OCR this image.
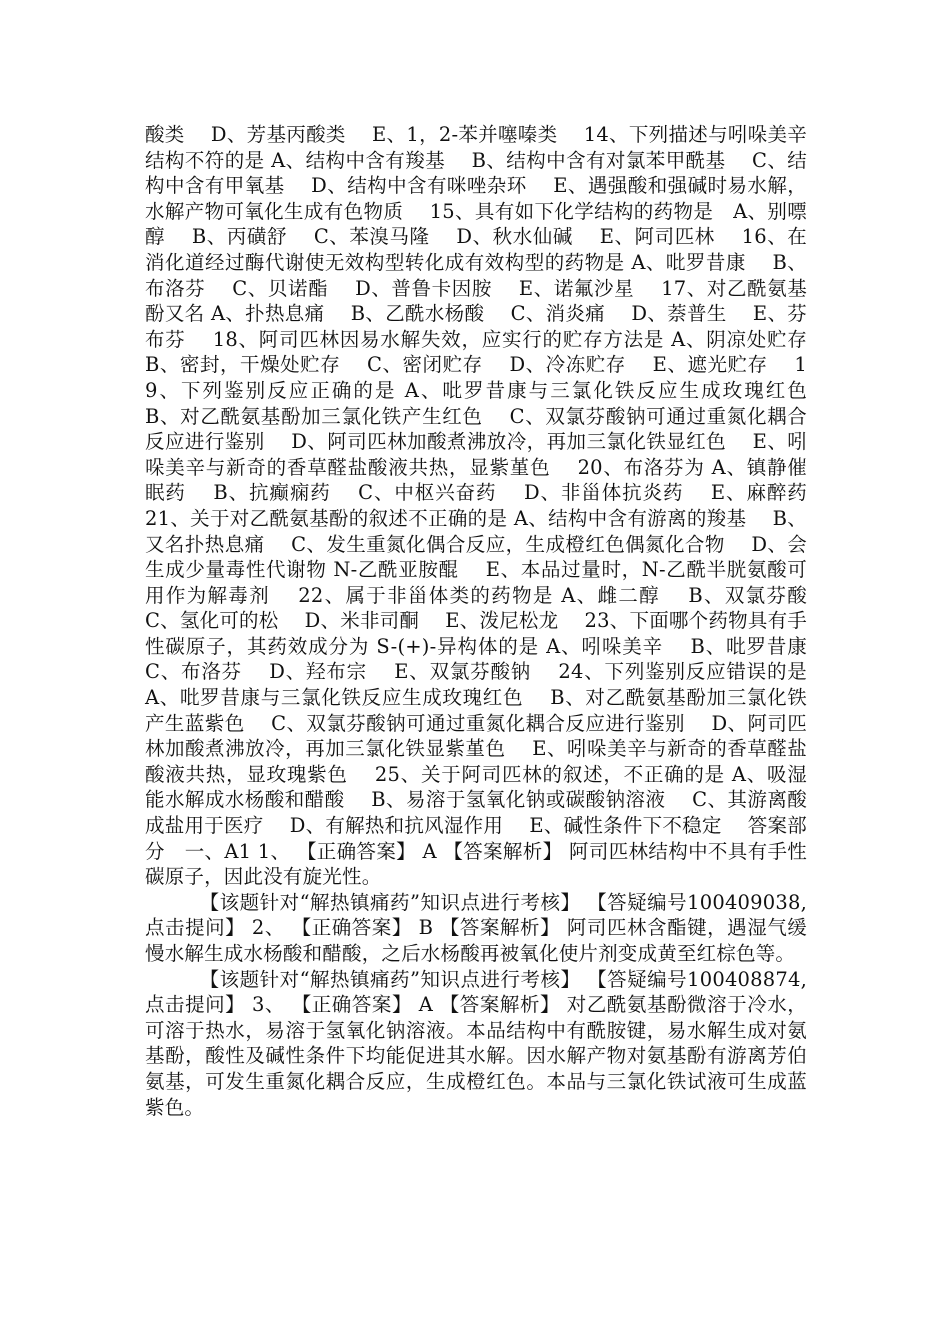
酸类　 D、芳基丙酸类　 E、1，2-苯并噻嗪类　 14、下列描述与吲哚美辛结构不符的是 A、结构中含有羧基　 B、结构中含有对氯苯甲酰基　 C、结构中含有甲氧基　 D、结构中含有咪唑杂环　 E、遇强酸和强碱时易水解，水解产物可氧化生成有色物质　 15、具有如下化学结构的药物是　A、别嘌醇　 B、丙磺舒　 C、苯溴马隆　 D、秋水仙碱　 E、阿司匹林　 16、在消化道经过酶代谢使无效构型转化成有效构型的药物是 A、吡罗昔康　 B、布洛芬　 C、贝诺酯　 D、普鲁卡因胺　 E、诺氟沙星　 17、对乙酰氨基酚又名 A、扑热息痛　 B、乙酰水杨酸　 C、消炎痛　 D、萘普生　 E、芬布芬　 18、阿司匹林因易水解失效，应实行的贮存方法是 A、阴凉处贮存　 B、密封，干燥处贮存　 C、密闭贮存　 D、冷冻贮存　 E、遮光贮存　 19、下列鉴别反应正确的是 A、吡罗昔康与三氯化铁反应生成玫瑰红色　 B、对乙酰氨基酚加三氯化铁产生红色　 C、双氯芬酸钠可通过重氮化耦合反应进行鉴别　 D、阿司匹林加酸煮沸放冷，再加三氯化铁显红色　 E、吲哚美辛与新奇的香草醛盐酸液共热，显紫堇色　 20、布洛芬为 A、镇静催眠药　 B、抗癫痫药　 C、中枢兴奋药　 D、非甾体抗炎药　 E、麻醉药　 21、关于对乙酰氨基酚的叙述不正确的是 A、结构中含有游离的羧基　 B、又名扑热息痛　 C、发生重氮化偶合反应，生成橙红色偶氮化合物　 D、会生成少量毒性代谢物 N-乙酰亚胺醌　 E、本品过量时，N-乙酰半胱氨酸可用作为解毒剂　 22、属于非甾体类的药物是 A、雌二醇　 B、双氯芬酸　 C、氢化可的松　 D、米非司酮　 E、泼尼松龙　 23、下面哪个药物具有手性碳原子，其药效成分为 S-(+)-异构体的是 A、吲哚美辛　 B、吡罗昔康　 C、布洛芬　 D、羟布宗　 E、双氯芬酸钠　 24、下列鉴别反应错误的是 A、吡罗昔康与三氯化铁反应生成玫瑰红色　 B、对乙酰氨基酚加三氯化铁产生蓝紫色　 C、双氯芬酸钠可通过重氮化耦合反应进行鉴别　 D、阿司匹林加酸煮沸放冷，再加三氯化铁显紫堇色　 E、吲哚美辛与新奇的香草醛盐酸液共热，显玫瑰紫色　 25、关于阿司匹林的叙述，不正确的是 A、吸湿能水解成水杨酸和醋酸　 B、易溶于氢氧化钠或碳酸钠溶液　 C、其游离酸成盐用于医疗　 D、有解热和抗风湿作用　 E、碱性条件下不稳定　 答案部分　一、A1 1、 【正确答案】 A 【答案解析】 阿司匹林结构中不具有手性碳原子，因此没有旋光性。

【该题针对“解热镇痛药”知识点进行考核】 【答疑编号100409038,点击提问】 2、 【正确答案】 B 【答案解析】 阿司匹林含酯键，遇湿气缓慢水解生成水杨酸和醋酸，之后水杨酸再被氧化使片剂变成黄至红棕色等。

【该题针对“解热镇痛药”知识点进行考核】 【答疑编号100408874,点击提问】 3、 【正确答案】 A 【答案解析】 对乙酰氨基酚微溶于冷水，可溶于热水，易溶于氢氧化钠溶液。本品结构中有酰胺键，易水解生成对氨基酚，酸性及碱性条件下均能促进其水解。因水解产物对氨基酚有游离芳伯氨基，可发生重氮化耦合反应，生成橙红色。本品与三氯化铁试液可生成蓝紫色。
